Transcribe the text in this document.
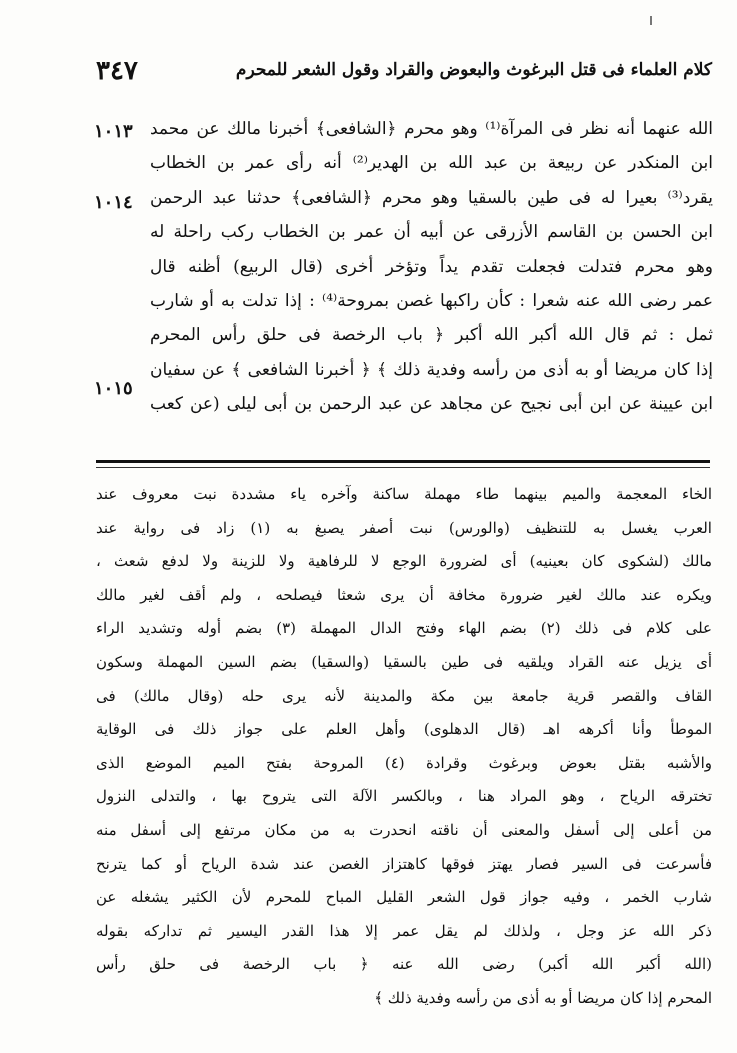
كلام العلماء فى قتل البرغوث والبعوض والقراد وقول الشعر للمحرم
٣٤٧
١٠١٣
١٠١٤
١٠١٥
الله عنهما أنه نظر فى المرآة⁽¹⁾ وهو محرم ﴿الشافعى﴾ أخبرنا مالك عن محمد
ابن المنكدر عن ربيعة بن عبد الله بن الهدير⁽²⁾ أنه رأى عمر بن الخطاب
يقرد⁽³⁾ بعيرا له فى طين بالسقيا وهو محرم ﴿الشافعى﴾ حدثنا عبد الرحمن
ابن الحسن بن القاسم الأزرقى عن أبيه أن عمر بن الخطاب ركب راحلة له
وهو محرم فتدلت فجعلت تقدم يداً وتؤخر أخرى (قال الربيع) أظنه قال
عمر رضى الله عنه شعرا : كأن راكبها غصن بمروحة⁽⁴⁾ : إذا تدلت به أو شارب
ثمل : ثم قال الله أكبر الله أكبر ﴿ باب الرخصة فى حلق رأس المحرم
إذا كان مريضا أو به أذى من رأسه وفدية ذلك ﴾ ﴿ أخبرنا الشافعى ﴾ عن سفيان
ابن عيينة عن ابن أبى نجيح عن مجاهد عن عبد الرحمن بن أبى ليلى (عن كعب
الخاء المعجمة والميم بينهما طاء مهملة ساكنة وآخره ياء مشددة نبت معروف عند
العرب يغسل به للتنظيف (والورس) نبت أصفر يصبغ به (١) زاد فى رواية عند
مالك (لشكوى كان بعينيه) أى لضرورة الوجع لا للرفاهية ولا للزينة ولا لدفع شعث ،
ويكره عند مالك لغير ضرورة مخافة أن يرى شعثا فيصلحه ، ولم أقف لغير مالك
على كلام فى ذلك (٢) بضم الهاء وفتح الدال المهملة (٣) بضم أوله وتشديد الراء
أى يزيل عنه القراد ويلقيه فى طين بالسقيا (والسقيا) بضم السين المهملة وسكون
القاف والقصر قرية جامعة بين مكة والمدينة لأنه يرى حله (وقال مالك) فى
الموطأ وأنا أكرهه اهـ (قال الدهلوى) وأهل العلم على جواز ذلك فى الوقاية
والأشبه بقتل بعوض وبرغوث وقرادة (٤) المروحة بفتح الميم الموضع الذى
تخترقه الرياح ، وهو المراد هنا ، وبالكسر الآلة التى يتروح بها ، والتدلى النزول
من أعلى إلى أسفل والمعنى أن ناقته انحدرت به من مكان مرتفع إلى أسفل منه
فأسرعت فى السير فصار يهتز فوقها كاهتزاز الغصن عند شدة الرياح أو كما يترنح
شارب الخمر ، وفيه جواز قول الشعر القليل المباح للمحرم لأن الكثير يشغله عن
ذكر الله عز وجل ، ولذلك لم يقل عمر إلا هذا القدر اليسير ثم تداركه بقوله
(الله أكبر الله أكبر) رضى الله عنه ﴿ باب الرخصة فى حلق رأس
المحرم إذا كان مريضا أو به أذى من رأسه وفدية ذلك ﴾
